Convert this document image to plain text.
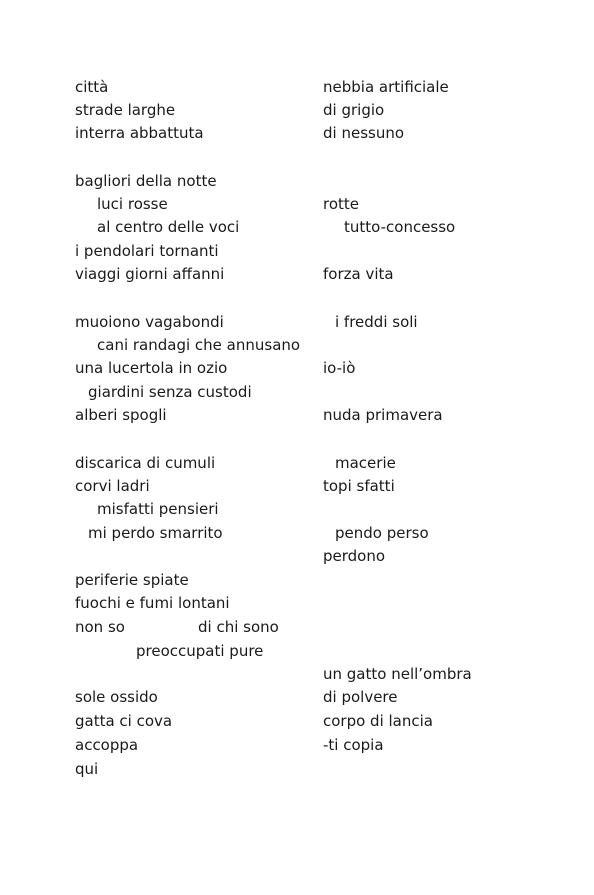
città
strade larghe
interra abbattuta
bagliori della notte
luci rosse
al centro delle voci
i pendolari tornanti
viaggi giorni affanni
muoiono vagabondi
cani randagi che annusano
una lucertola in ozio
giardini senza custodi
alberi spogli
discarica di cumuli
corvi ladri
misfatti pensieri
mi perdo smarrito
periferie spiate
fuochi e fumi lontani
non so	di chi sono
preoccupati pure
sole ossido
gatta ci cova
accoppa
qui
nebbia artificiale
di grigio
di nessuno
rotte
tutto-concesso
forza vita
i freddi soli
io-iò
nuda primavera
macerie
topi sfatti
pendo perso
perdono
un gatto nell’ombra
di polvere
corpo di lancia
-ti copia
